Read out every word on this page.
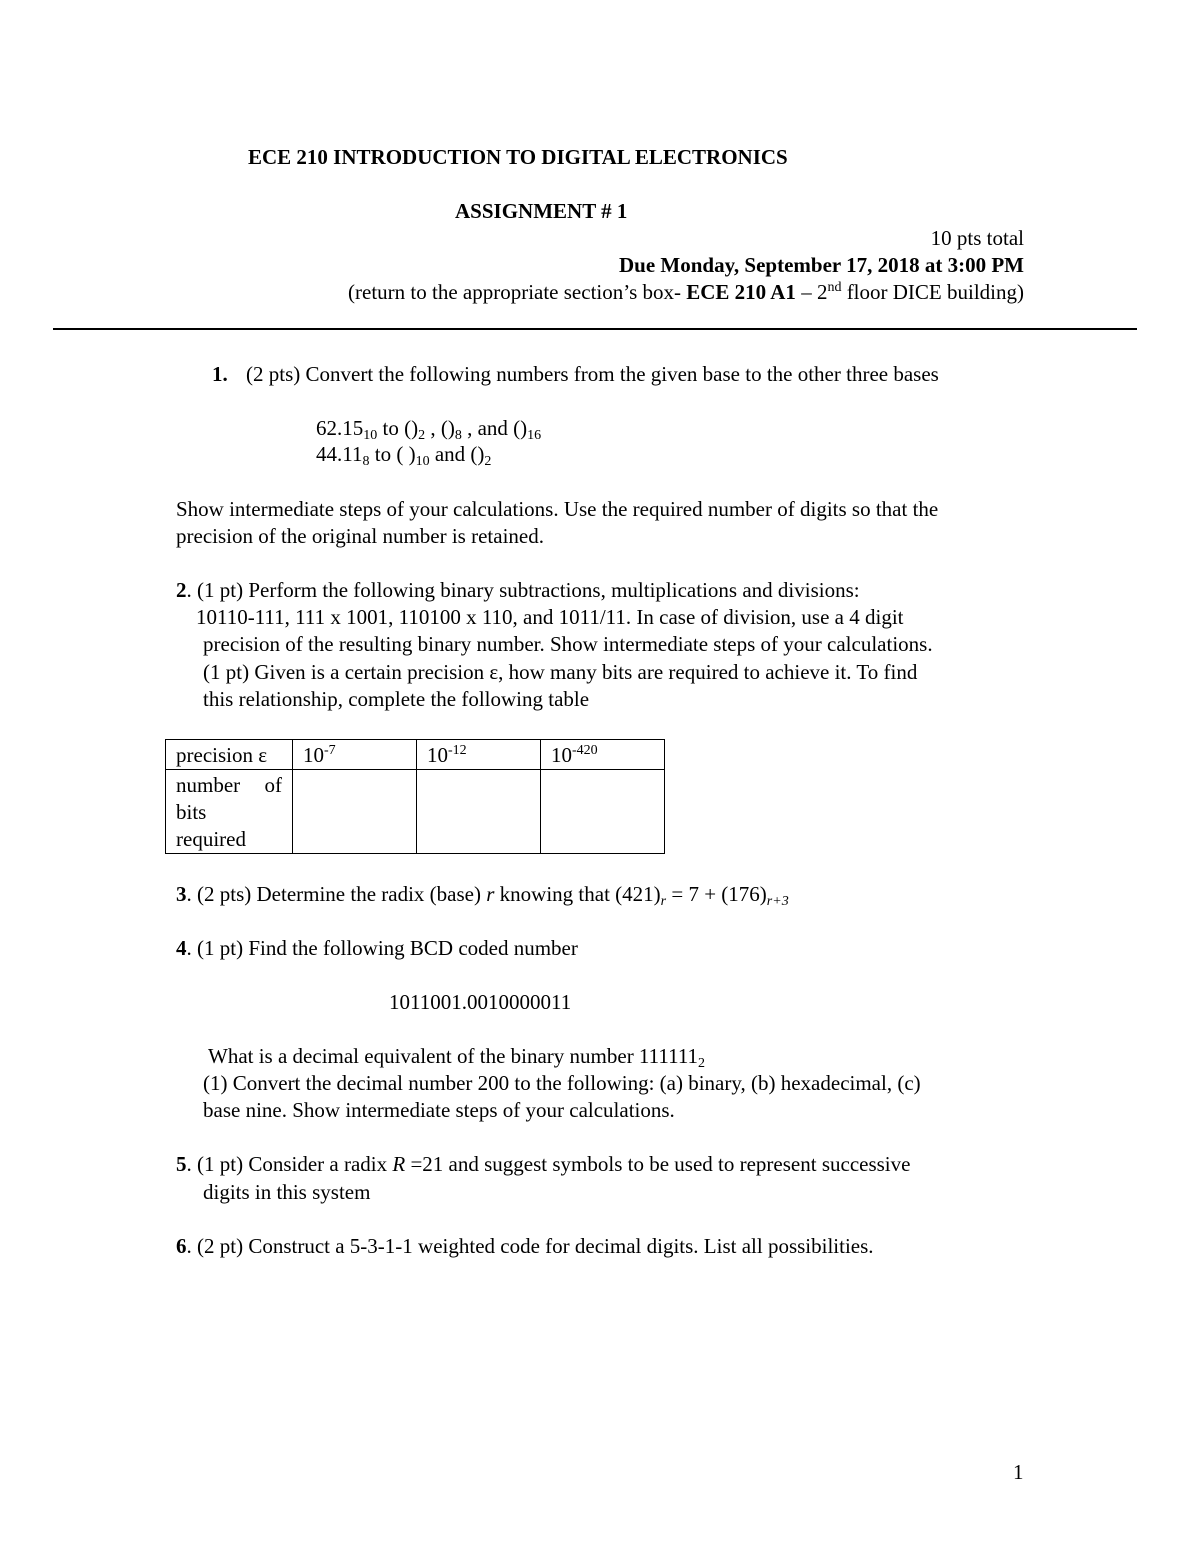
ECE 210 INTRODUCTION TO DIGITAL ELECTRONICS
ASSIGNMENT # 1
10 pts total
Due Monday, September 17, 2018 at 3:00 PM
(return to the appropriate section’s box- ECE 210 A1 – 2nd floor DICE building)
1. (2 pts) Convert the following numbers from the given base to the other three bases
$62.15_{10}$ to $()_2$ , $()_8$ , and $()_{16}$
$44.11_8$ to ( )$_{10}$ and $()_2$
Show intermediate steps of your calculations. Use the required number of digits so that the
precision of the original number is retained.
2. (1 pt) Perform the following binary subtractions, multiplications and divisions:
10110-111, 111 x 1001, 110100 x 110, and 1011/11. In case of division, use a 4 digit
precision of the resulting binary number. Show intermediate steps of your calculations.
(1 pt) Given is a certain precision ε, how many bits are required to achieve it. To find
this relationship, complete the following table
precision ε	$10^{-7}$	$10^{-12}$	$10^{-420}$

number of
bits
required			

3. (2 pts) Determine the radix (base) r knowing that $(421)_r = 7 + (176)_{r+3}$
4. (1 pt) Find the following BCD coded number
1011001.0010000011
What is a decimal equivalent of the binary number $111111_2$
(1) Convert the decimal number 200 to the following: (a) binary, (b) hexadecimal, (c)
base nine. Show intermediate steps of your calculations.
5. (1 pt) Consider a radix R =21 and suggest symbols to be used to represent successive
digits in this system
6. (2 pt) Construct a 5-3-1-1 weighted code for decimal digits. List all possibilities.
1
